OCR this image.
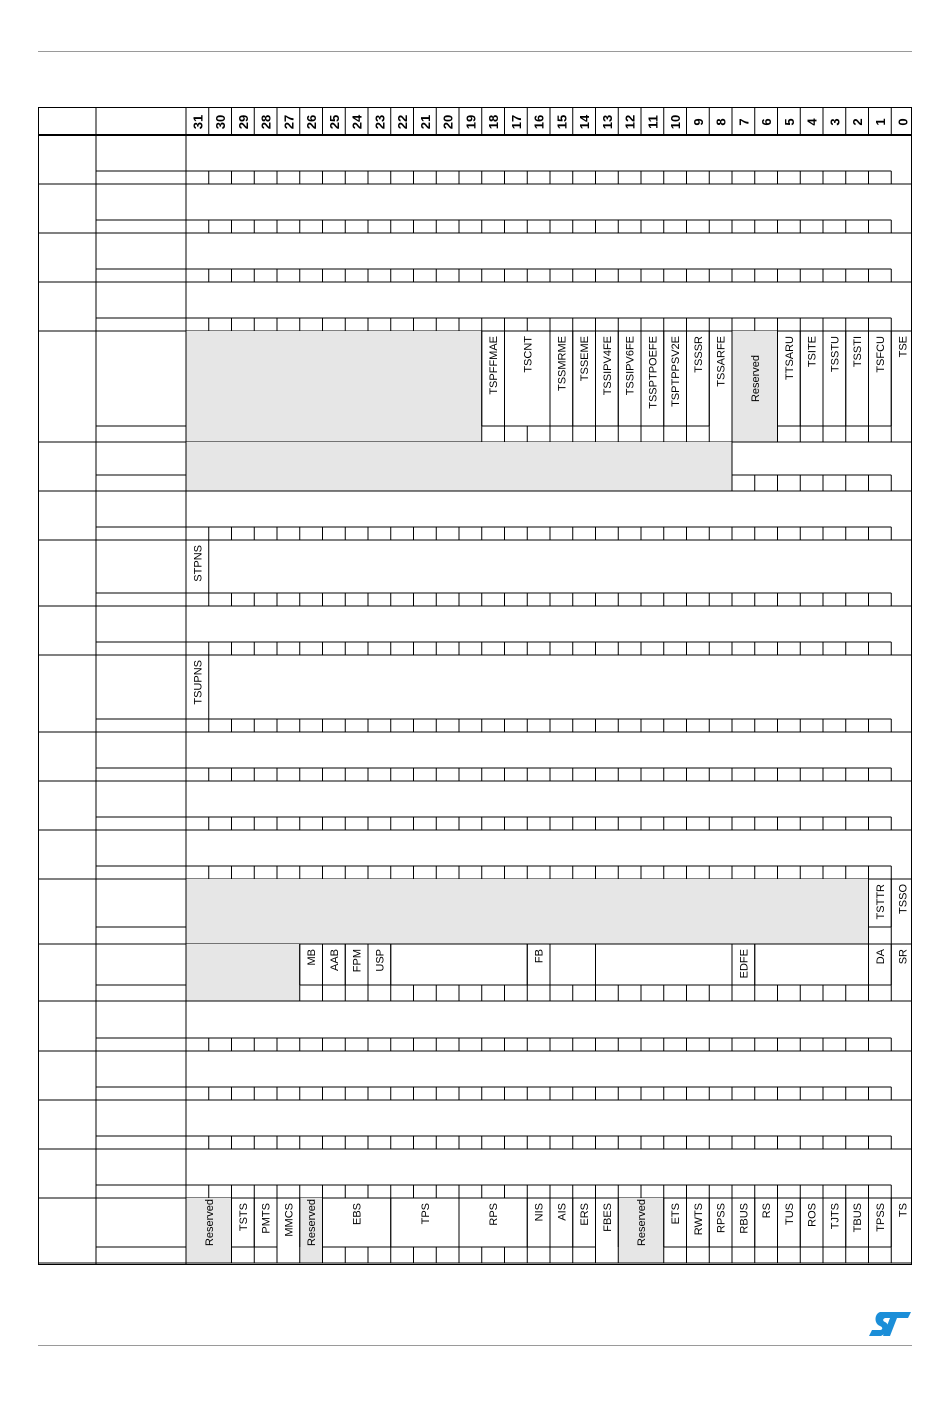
31 30 29 28 27 26 25 24 23 22 21 20 19 18 17 16 15 14 13 12 11 10 9 8 7 6 5 4 3 2 1 0
TSPFFMAE TSCNT TSSMRME TSSEME TSSIPV4FE TSSIPV6FE TSSPTPOEFE TSPTPPSV2E TSSSR TSSARFE Reserved TTSARU TSITE TSSTU TSSTI TSFCU TSE
STPNS
TSUPNS
TSTTR TSSO
MB AAB FPM USP	FB	EDFE	DA SR
Reserved TSTS PMTS MMCS Reserved	EBS	TPS	RPS	NIS AIS ERS FBES Reserved ETS RWTS RPSS RBUS RS TUS ROS TJTS TBUS TPSS TS
